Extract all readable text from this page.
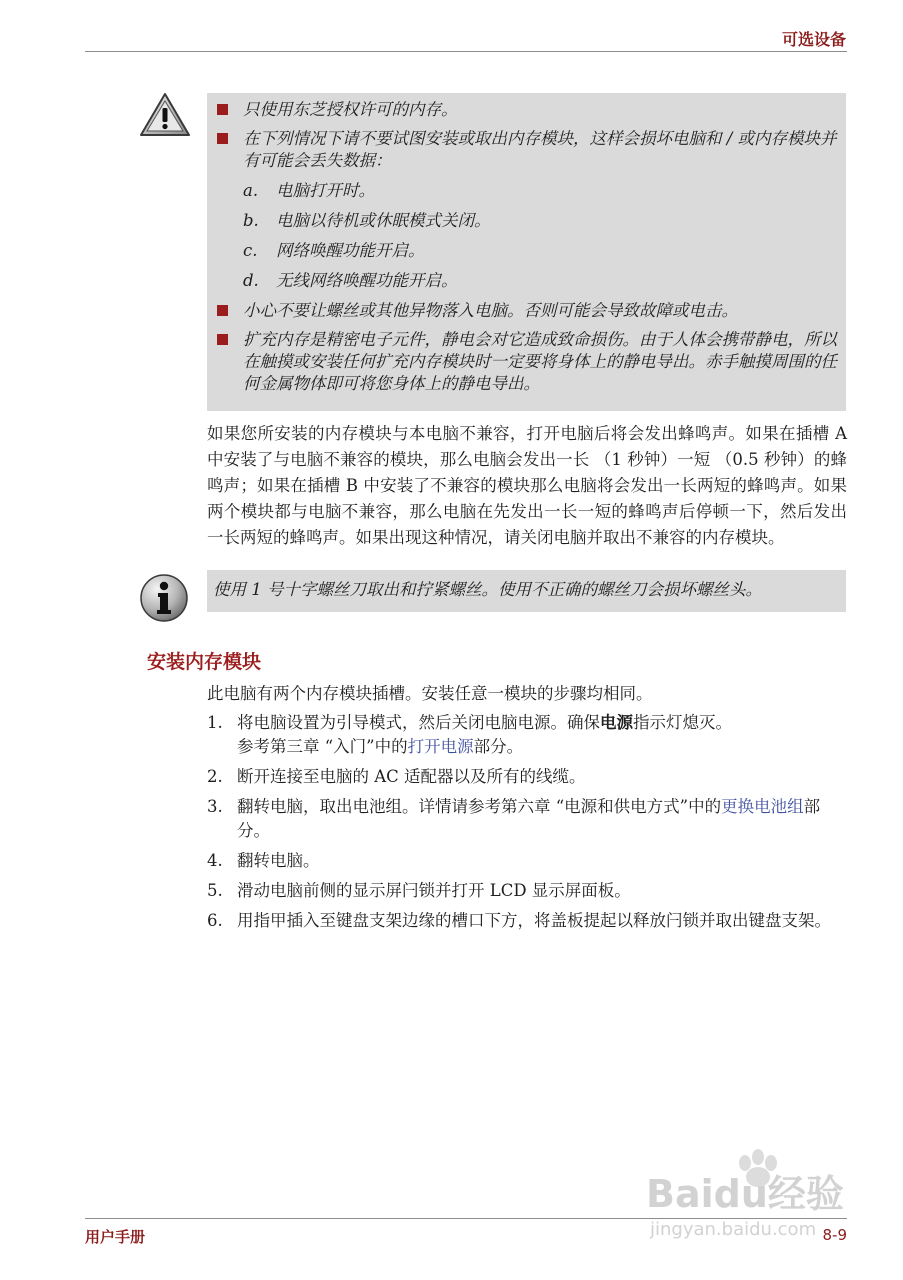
可选设备
只使用东芝授权许可的内存。
在下列情况下请不要试图安装或取出内存模块，这样会损坏电脑和 / 或内存模块并有可能会丢失数据：
a. 电脑打开时。
b. 电脑以待机或休眠模式关闭。
c. 网络唤醒功能开启。
d. 无线网络唤醒功能开启。
小心不要让螺丝或其他异物落入电脑。否则可能会导致故障或电击。
扩充内存是精密电子元件，静电会对它造成致命损伤。由于人体会携带静电，所以在触摸或安装任何扩充内存模块时一定要将身体上的静电导出。赤手触摸周围的任何金属物体即可将您身体上的静电导出。
如果您所安装的内存模块与本电脑不兼容，打开电脑后将会发出蜂鸣声。如果在插槽 A 中安装了与电脑不兼容的模块，那么电脑会发出一长 （1 秒钟）一短 （0.5 秒钟）的蜂鸣声；如果在插槽 B 中安装了不兼容的模块那么电脑将会发出一长两短的蜂鸣声。如果两个模块都与电脑不兼容，那么电脑在先发出一长一短的蜂鸣声后停顿一下，然后发出一长两短的蜂鸣声。如果出现这种情况，请关闭电脑并取出不兼容的内存模块。
使用 1 号十字螺丝刀取出和拧紧螺丝。使用不正确的螺丝刀会损坏螺丝头。
安装内存模块
此电脑有两个内存模块插槽。安装任意一模块的步骤均相同。
1. 将电脑设置为引导模式，然后关闭电脑电源。确保电源指示灯熄灭。
参考第三章 “入门”中的打开电源部分。
2. 断开连接至电脑的 AC 适配器以及所有的线缆。
3. 翻转电脑，取出电池组。详情请参考第六章 “电源和供电方式”中的更换电池组部分。
4. 翻转电脑。
5. 滑动电脑前侧的显示屏闩锁并打开 LCD 显示屏面板。
6. 用指甲插入至键盘支架边缘的槽口下方，将盖板提起以释放闩锁并取出键盘支架。
Baidu经验
jingyan.baidu.com
用户手册	8-9
